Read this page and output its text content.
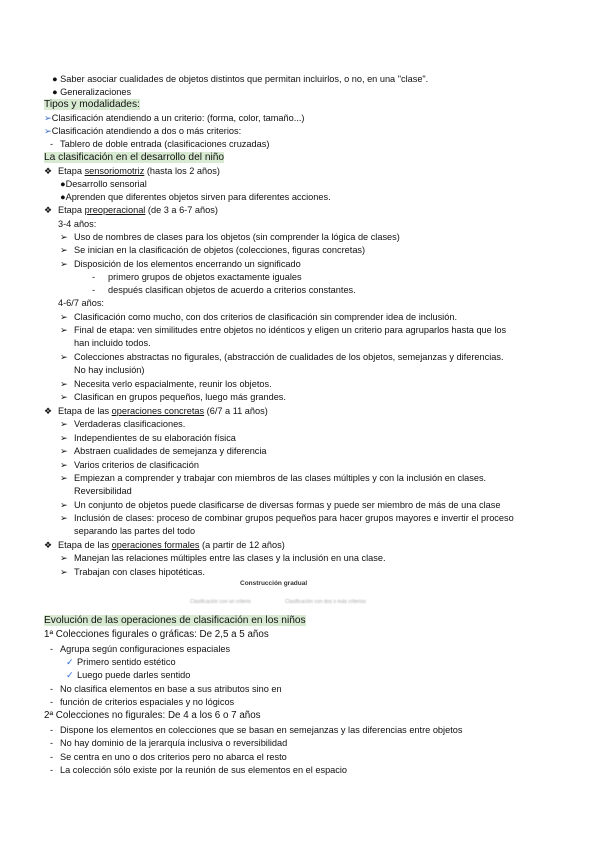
● Saber asociar cualidades de objetos distintos que permitan incluirlos, o no, en una "clase".
● Generalizaciones
Tipos y modalidades:
➢Clasificación atendiendo a un criterio: (forma, color, tamaño...)
➢Clasificación atendiendo a dos o más criterios:
- Tablero de doble entrada (clasificaciones cruzadas)
La clasificación en el desarrollo del niño
❖ Etapa sensoriomotriz (hasta los 2 años)
●Desarrollo sensorial
●Aprenden que diferentes objetos sirven para diferentes acciones.
❖ Etapa preoperacional (de 3 a 6-7 años)
3-4 años:
➢ Uso de nombres de clases para los objetos (sin comprender la lógica de clases)
➢ Se inician en la clasificación de objetos (colecciones, figuras concretas)
➢ Disposición de los elementos encerrando un significado
- primero grupos de objetos exactamente iguales
- después clasifican objetos de acuerdo a criterios constantes.
4-6/7 años:
➢ Clasificación como mucho, con dos criterios de clasificación sin comprender idea de inclusión.
➢ Final de etapa: ven similitudes entre objetos no idénticos y eligen un criterio para agruparlos hasta que los
han incluido todos.
➢ Colecciones abstractas no figurales, (abstracción de cualidades de los objetos, semejanzas y diferencias.
No hay inclusión)
➢ Necesita verlo espacialmente, reunir los objetos.
➢ Clasifican en grupos pequeños, luego más grandes.
❖ Etapa de las operaciones concretas (6/7 a 11 años)
➢ Verdaderas clasificaciones.
➢ Independientes de su elaboración física
➢ Abstraen cualidades de semejanza y diferencia
➢ Varios criterios de clasificación
➢ Empiezan a comprender y trabajar con miembros de las clases múltiples y con la inclusión en clases.
Reversibilidad
➢ Un conjunto de objetos puede clasificarse de diversas formas y puede ser miembro de más de una clase
➢ Inclusión de clases: proceso de combinar grupos pequeños para hacer grupos mayores e invertir el proceso
separando las partes del todo
❖ Etapa de las operaciones formales (a partir de 12 años)
➢ Manejan las relaciones múltiples entre las clases y la inclusión en una clase.
➢ Trabajan con clases hipotéticas.
Construcción gradual
Clasificación con un criterio	Clasificación con dos o más criterios
Evolución de las operaciones de clasificación en los niños
1ª Colecciones figurales o gráficas: De 2,5 a 5 años
- Agrupa según configuraciones espaciales
✓ Primero sentido estético
✓ Luego puede darles sentido
- No clasifica elementos en base a sus atributos sino en
- función de criterios espaciales y no lógicos
2ª Colecciones no figurales: De 4 a los 6 o 7 años
- Dispone los elementos en colecciones que se basan en semejanzas y las diferencias entre objetos
- No hay dominio de la jerarquía inclusiva o reversibilidad
- Se centra en uno o dos criterios pero no abarca el resto
- La colección sólo existe por la reunión de sus elementos en el espacio
